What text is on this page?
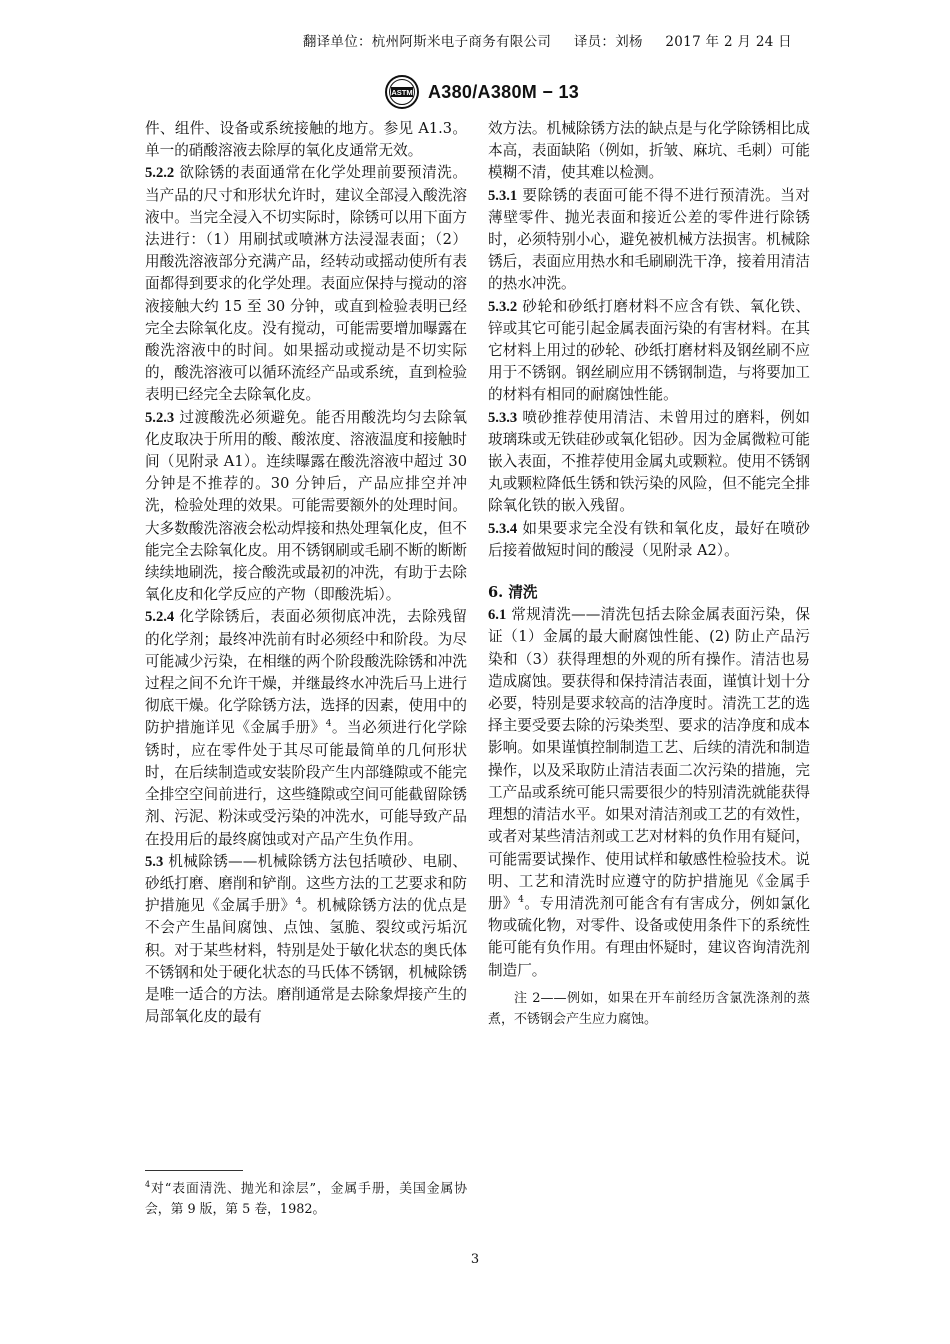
翻译单位：杭州阿斯米电子商务有限公司 译员：刘杨 2017 年 2 月 24 日
ASTM A380/A380M − 13

件、组件、设备或系统接触的地方。参见 A1.3。单一的硝酸溶液去除厚的氧化皮通常无效。

5.2.2 欲除锈的表面通常在化学处理前要预清洗。当产品的尺寸和形状允许时，建议全部浸入酸洗溶液中。当完全浸入不切实际时，除锈可以用下面方法进行：（1）用刷拭或喷淋方法浸湿表面；（2）用酸洗溶液部分充满产品，经转动或摇动使所有表面都得到要求的化学处理。表面应保持与搅动的溶液接触大约 15 至 30 分钟，或直到检验表明已经完全去除氧化皮。没有搅动，可能需要增加曝露在酸洗溶液中的时间。如果摇动或搅动是不切实际的，酸洗溶液可以循环流经产品或系统，直到检验表明已经完全去除氧化皮。

5.2.3 过渡酸洗必须避免。能否用酸洗均匀去除氧化皮取决于所用的酸、酸浓度、溶液温度和接触时间（见附录 A1）。连续曝露在酸洗溶液中超过 30 分钟是不推荐的。30 分钟后，产品应排空并冲洗，检验处理的效果。可能需要额外的处理时间。大多数酸洗溶液会松动焊接和热处理氧化皮，但不能完全去除氧化皮。用不锈钢刷或毛刷不断的断断续续地刷洗，接合酸洗或最初的冲洗，有助于去除氧化皮和化学反应的产物（即酸洗垢）。

5.2.4 化学除锈后，表面必须彻底冲洗，去除残留的化学剂；最终冲洗前有时必须经中和阶段。为尽可能减少污染，在相继的两个阶段酸洗除锈和冲洗过程之间不允许干燥，并继最终水冲洗后马上进行彻底干燥。化学除锈方法，选择的因素，使用中的防护措施详见《金属手册》$^4$。当必须进行化学除锈时，应在零件处于其尽可能最简单的几何形状时，在后续制造或安装阶段产生内部缝隙或不能完全排空空间前进行，这些缝隙或空间可能截留除锈剂、污泥、粉沫或受污染的冲洗水，可能导致产品在投用后的最终腐蚀或对产品产生负作用。

5.3 机械除锈——机械除锈方法包括喷砂、电刷、砂纸打磨、磨削和铲削。这些方法的工艺要求和防护措施见《金属手册》$^4$。机械除锈方法的优点是不会产生晶间腐蚀、点蚀、氢脆、裂纹或污垢沉积。对于某些材料，特别是处于敏化状态的奥氏体不锈钢和处于硬化状态的马氏体不锈钢，机械除锈是唯一适合的方法。磨削通常是去除象焊接产生的局部氧化皮的最有

效方法。机械除锈方法的缺点是与化学除锈相比成本高，表面缺陷（例如，折皱、麻坑、毛刺）可能模糊不清，使其难以检测。

5.3.1 要除锈的表面可能不得不进行预清洗。当对薄壁零件、抛光表面和接近公差的零件进行除锈时，必须特别小心，避免被机械方法损害。机械除锈后，表面应用热水和毛刷刷洗干净，接着用清洁的热水冲洗。

5.3.2 砂轮和砂纸打磨材料不应含有铁、氧化铁、锌或其它可能引起金属表面污染的有害材料。在其它材料上用过的砂轮、砂纸打磨材料及钢丝刷不应用于不锈钢。钢丝刷应用不锈钢制造，与将要加工的材料有相同的耐腐蚀性能。

5.3.3 喷砂推荐使用清洁、未曾用过的磨料，例如玻璃珠或无铁硅砂或氧化铝砂。因为金属微粒可能嵌入表面，不推荐使用金属丸或颗粒。使用不锈钢丸或颗粒降低生锈和铁污染的风险，但不能完全排除氧化铁的嵌入残留。

5.3.4 如果要求完全没有铁和氧化皮，最好在喷砂后接着做短时间的酸浸（见附录 A2）。

6. 清洗

6.1 常规清洗——清洗包括去除金属表面污染，保证（1）金属的最大耐腐蚀性能、(2) 防止产品污染和（3）获得理想的外观的所有操作。清洁也易造成腐蚀。要获得和保持清洁表面，谨慎计划十分必要，特别是要求较高的洁净度时。清洗工艺的选择主要受要去除的污染类型、要求的洁净度和成本影响。如果谨慎控制制造工艺、后续的清洗和制造操作，以及采取防止清洁表面二次污染的措施，完工产品或系统可能只需要很少的特别清洗就能获得理想的清洁水平。如果对清洁剂或工艺的有效性，或者对某些清洁剂或工艺对材料的负作用有疑问，可能需要试操作、使用试样和敏感性检验技术。说明、工艺和清洗时应遵守的防护措施见《金属手册》$^4$。专用清洗剂可能含有有害成分，例如氯化物或硫化物，对零件、设备或使用条件下的系统性能可能有负作用。有理由怀疑时，建议咨询清洗剂制造厂。

注 2——例如，如果在开车前经历含氯洗涤剂的蒸煮，不锈钢会产生应力腐蚀。

$^4$对“表面清洗、抛光和涂层”，金属手册，美国金属协会，第 9 版，第 5 卷，1982。
3
